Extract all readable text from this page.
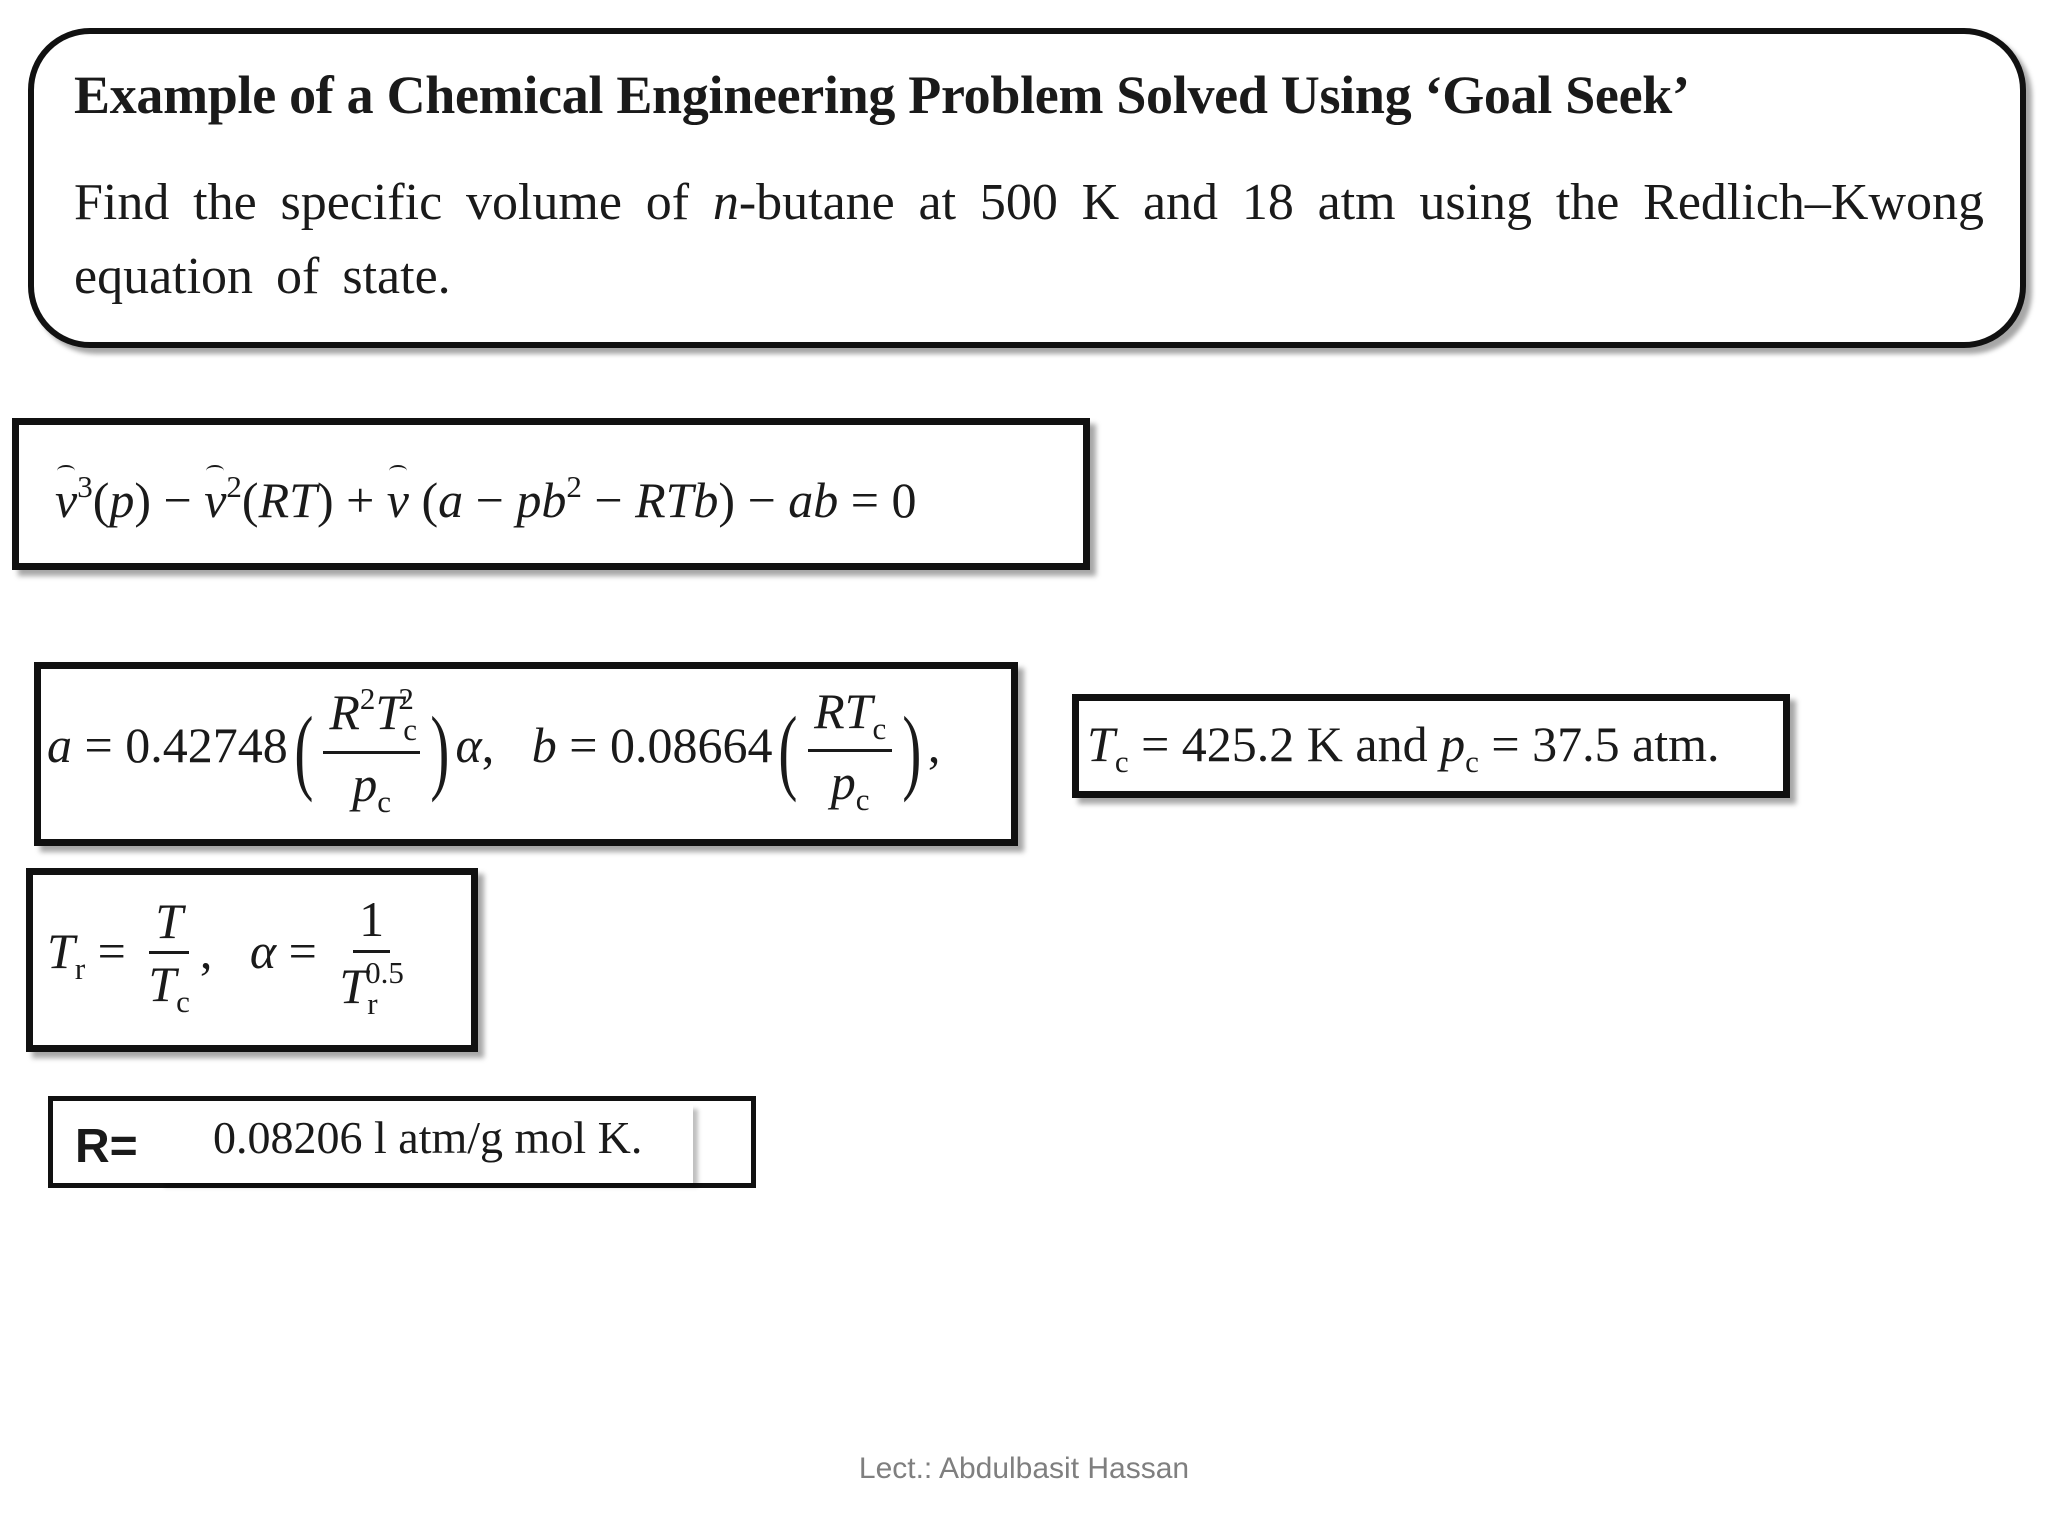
Example of a Chemical Engineering Problem Solved Using ‘Goal Seek’

Find the specific volume of n-butane at 500 K and 18 atm using the Redlich–Kwong equation of state.

$v^3(p) - v^2(RT) + v$ $(a - pb^2 - RTb)$ − ab = 0
$a = 0.42748( \frac{R^2T_c^2}{p_c}$ ) α,   $b = 0.08664( \frac{RT_c}{p_c}$ ) ,	$T_c = 425.2$ K and $p_c = 37.5$ atm.
$T_r = \frac{T}{T_c}$ ,   $\alpha = \frac{1}{T_r^{0.5}}$
R= 0.08206 l atm/g mol K.
Lect.: Abdulbasit Hassan
